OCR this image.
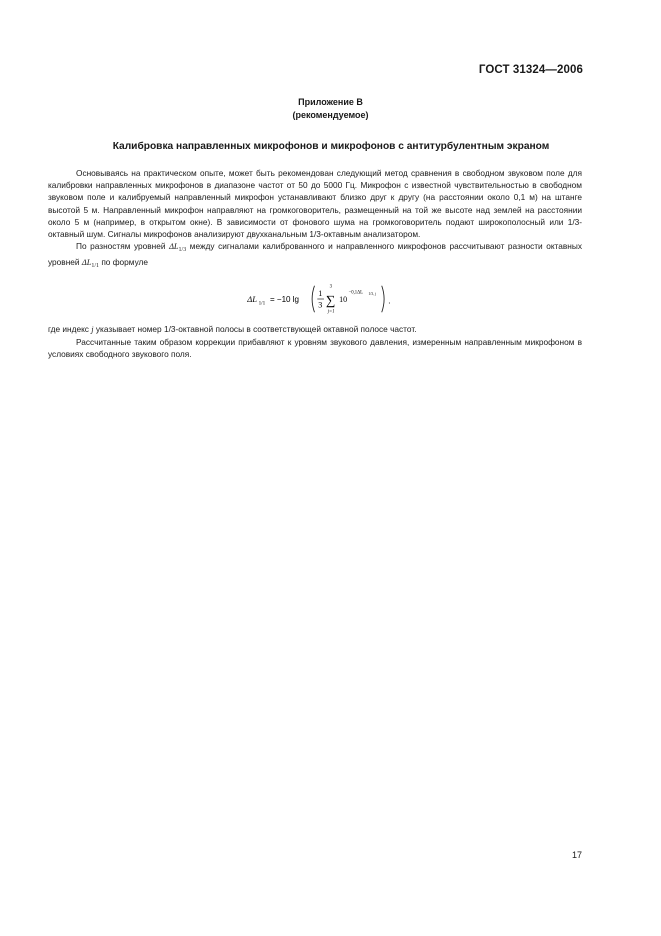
ГОСТ 31324—2006
Приложение В
(рекомендуемое)
Калибровка направленных микрофонов и микрофонов с антитурбулентным экраном

Основываясь на практическом опыте, может быть рекомендован следующий метод сравнения в свободном звуковом поле для калибровки направленных микрофонов в диапазоне частот от 50 до 5000 Гц. Микрофон с известной чувствительностью в свободном звуковом поле и калибруемый направленный микрофон устанавливают близко друг к другу (на расстоянии около 0,1 м) на штанге высотой 5 м. Направленный микрофон направляют на громкоговоритель, размещенный на той же высоте над землей на расстоянии около 5 м (например, в открытом окне). В зависимости от фонового шума на громкоговоритель подают широкополосный или 1/3-октавный шум. Сигналы микрофонов анализируют двухканальным 1/3-октавным анализатором.

По разностям уровней $\Delta L_{1/3}$ между сигналами калиброванного и направленного микрофонов рассчитывают разности октавных уровней $\Delta L_{1/1}$ по формуле

ΔL 1/1 = −10 lg
1
3
3
∑
j=1
10
−0,1ΔL 1/3, j
.

где индекс j указывает номер 1/3-октавной полосы в соответствующей октавной полосе частот.

Рассчитанные таким образом коррекции прибавляют к уровням звукового давления, измеренным направленным микрофоном в условиях свободного звукового поля.

17
